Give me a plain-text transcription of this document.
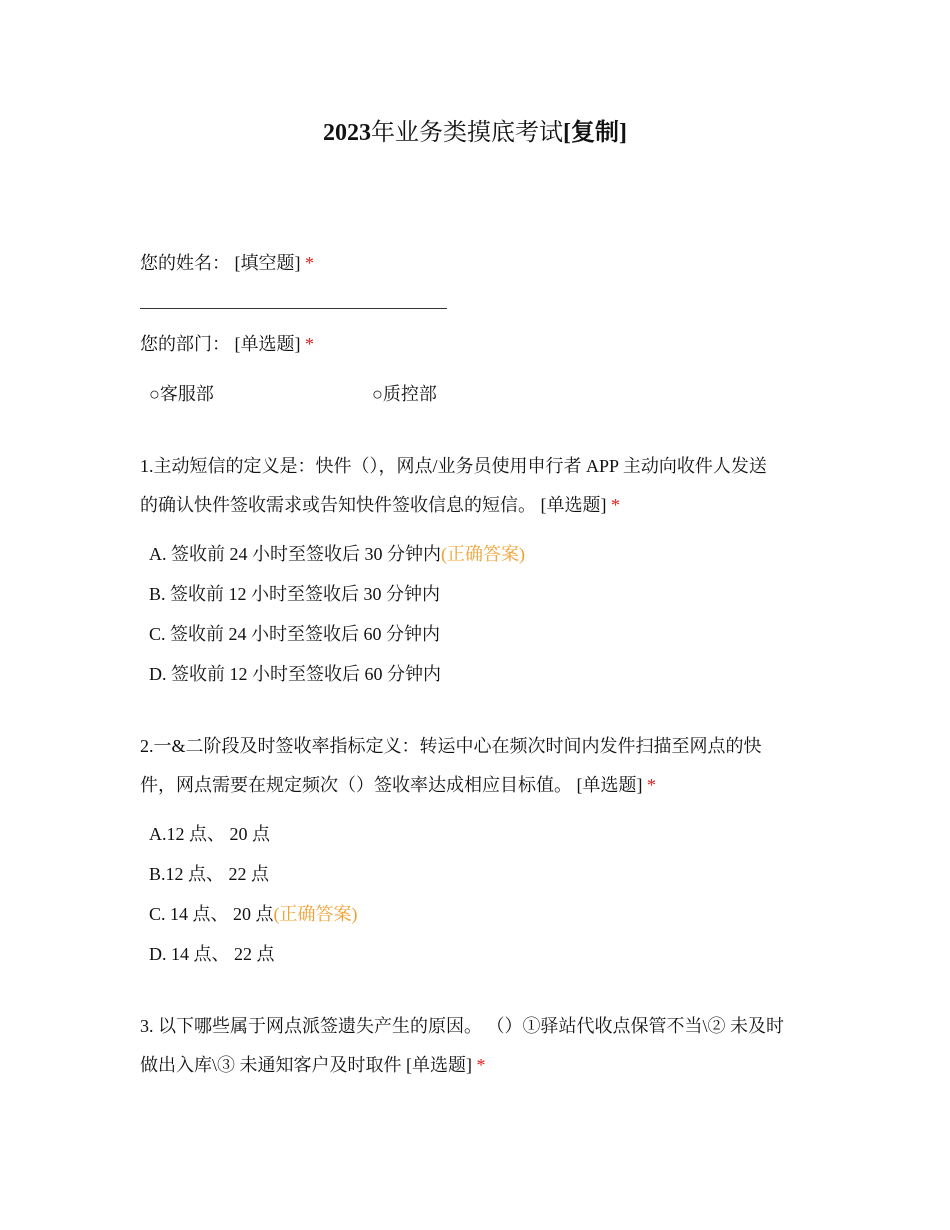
2023年业务类摸底考试[复制]
您的姓名： [填空题] *
您的部门： [单选题] *
○客服部	○质控部
1.主动短信的定义是：快件（），网点/业务员使用申行者 APP 主动向收件人发送
的确认快件签收需求或告知快件签收信息的短信。 [单选题] *
A. 签收前 24 小时至签收后 30 分钟内(正确答案)
B. 签收前 12 小时至签收后 30 分钟内
C. 签收前 24 小时至签收后 60 分钟内
D. 签收前 12 小时至签收后 60 分钟内
2.一&二阶段及时签收率指标定义：转运中心在频次时间内发件扫描至网点的快
件，网点需要在规定频次（）签收率达成相应目标值。 [单选题] *
A.12 点、 20 点
B.12 点、 22 点
C. 14 点、 20 点(正确答案)
D. 14 点、 22 点
3. 以下哪些属于网点派签遗失产生的原因。 （）①驿站代收点保管不当\② 未及时
做出入库\③ 未通知客户及时取件 [单选题] *
